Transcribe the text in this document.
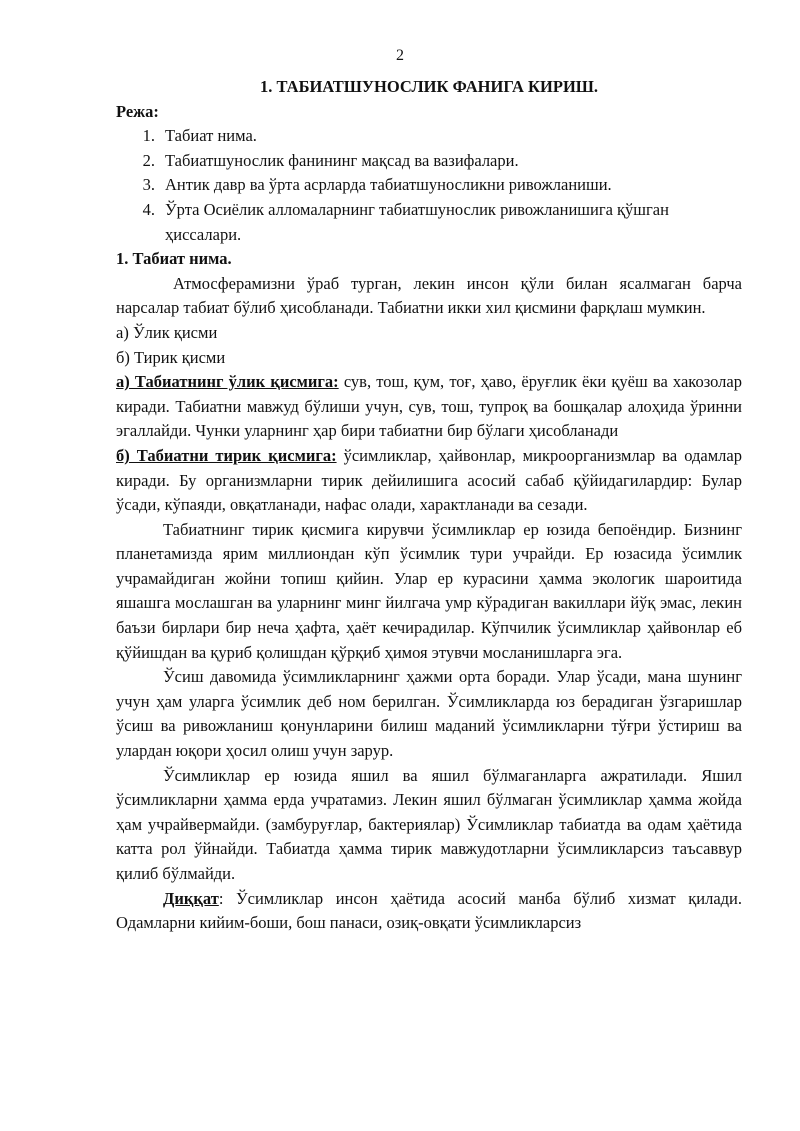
2
1. ТАБИАТШУНОСЛИК ФАНИГА КИРИШ.

Режа:

1. Табиат нима.
2. Табиатшунослик фанининг мақсад ва вазифалари.
3. Антик давр ва ўрта асрларда табиатшуносликни ривожланиши.
4. Ўрта Осиёлик алломаларнинг табиатшунослик ривожланишига қўшган ҳиссалари.

1. Табиат нима.

Атмосферамизни ўраб турган, лекин инсон қўли билан ясалмаган барча нарсалар табиат бўлиб ҳисобланади. Табиатни икки хил қисмини фарқлаш мумкин.

а) Ўлик қисми

б) Тирик қисми

а) Табиатнинг ўлик қисмига: сув, тош, қум, тоғ, ҳаво, ёруғлик ёки қуёш ва хакозолар киради. Табиатни мавжуд бўлиши учун, сув, тош, тупроқ ва бошқалар алоҳида ўринни эгаллайди. Чунки уларнинг ҳар бири табиатни бир бўлаги ҳисобланади

б) Табиатни тирик қисмига: ўсимликлар, ҳайвонлар, микроорганизмлар ва одамлар киради. Бу организмларни тирик дейилишига асосий сабаб қўйидагилардир: Булар ўсади, кўпаяди, овқатланади, нафас олади, характланади ва сезади.

Табиатнинг тирик қисмига кирувчи ўсимликлар ер юзида бепоёндир. Бизнинг планетамизда ярим миллиондан кўп ўсимлик тури учрайди. Ер юзасида ўсимлик учрамайдиган жойни топиш қийин. Улар ер курасини ҳамма экологик шароитида яшашга мослашган ва уларнинг минг йилгача умр кўрадиган вакиллари йўқ эмас, лекин баъзи бирлари бир неча ҳафта, ҳаёт кечирадилар. Кўпчилик ўсимликлар ҳайвонлар еб қўйишдан ва қуриб қолишдан қўрқиб ҳимоя этувчи мосланишларга эга.

Ўсиш давомида ўсимликларнинг ҳажми орта боради. Улар ўсади, мана шунинг учун ҳам уларга ўсимлик деб ном берилган. Ўсимликларда юз берадиган ўзгаришлар ўсиш ва ривожланиш қонунларини билиш маданий ўсимликларни тўғри ўстириш ва улардан юқори ҳосил олиш учун зарур.

Ўсимликлар ер юзида яшил ва яшил бўлмаганларга ажратилади. Яшил ўсимликларни ҳамма ерда учратамиз. Лекин яшил бўлмаган ўсимликлар ҳамма жойда ҳам учрайвермайди. (замбуруғлар, бактериялар) Ўсимликлар табиатда ва одам ҳаётида катта рол ўйнайди. Табиатда ҳамма тирик мавжудотларни ўсимликларсиз таъсаввур қилиб бўлмайди.

Диққат: Ўсимликлар инсон ҳаётида асосий манба бўлиб хизмат қилади. Одамларни кийим-боши, бош панаси, озиқ-овқати ўсимликларсиз
